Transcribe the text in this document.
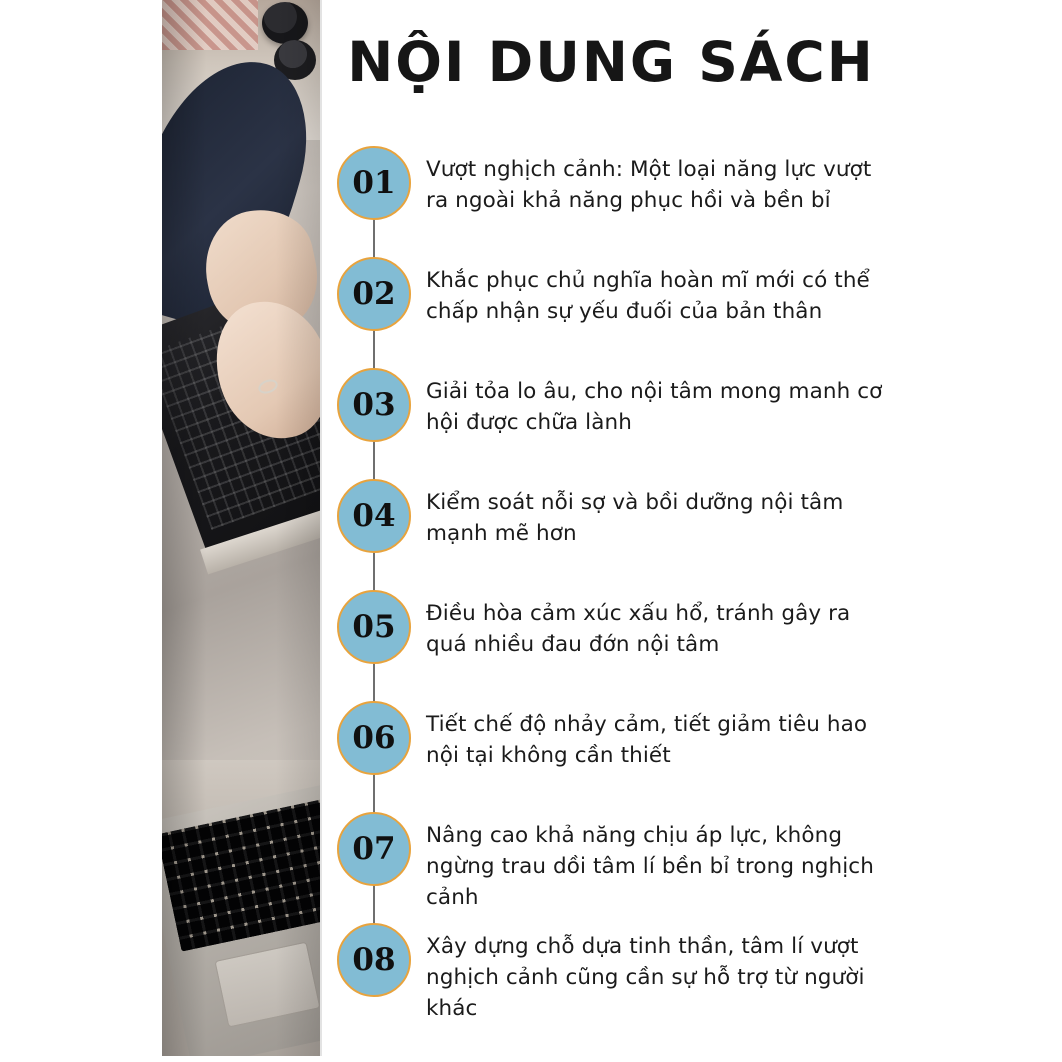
NỘI DUNG SÁCH
01	Vượt nghịch cảnh: Một loại năng lực vượt ra ngoài khả năng phục hồi và bền bỉ
02	Khắc phục chủ nghĩa hoàn mĩ mới có thể chấp nhận sự yếu đuối của bản thân
03	Giải tỏa lo âu, cho nội tâm mong manh cơ hội được chữa lành
04	Kiểm soát nỗi sợ và bồi dưỡng nội tâm mạnh mẽ hơn
05	Điều hòa cảm xúc xấu hổ, tránh gây ra quá nhiều đau đớn nội tâm
06	Tiết chế độ nhảy cảm, tiết giảm tiêu hao nội tại không cần thiết
07	Nâng cao khả năng chịu áp lực, không ngừng trau dồi tâm lí bền bỉ trong nghịch cảnh
08	Xây dựng chỗ dựa tinh thần, tâm lí vượt nghịch cảnh cũng cần sự hỗ trợ từ người khác
